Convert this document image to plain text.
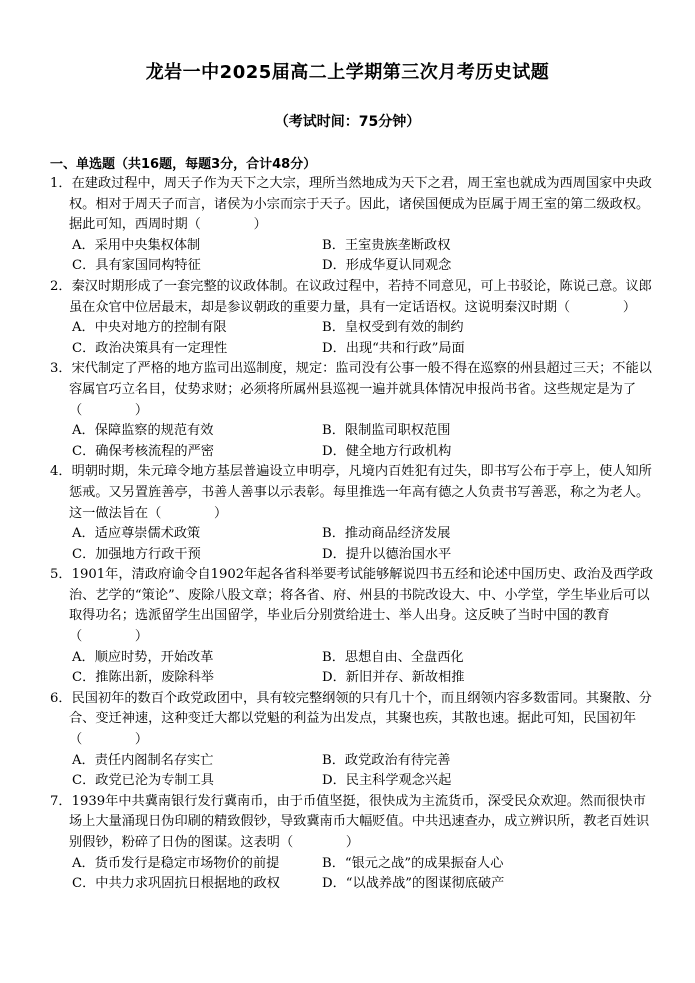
龙岩一中2025届高二上学期第三次月考历史试题
（考试时间：75分钟）
一、单选题（共16题，每题3分，合计48分）
1．在建政过程中，周天子作为天下之大宗，理所当然地成为天下之君，周王室也就成为西周国家中央政权。相对于周天子而言，诸侯为小宗而宗于天子。因此，诸侯国便成为臣属于周王室的第二级政权。据此可知，西周时期（　　　　）
A．采用中央集权体制	B．王室贵族垄断政权
C．具有家国同构特征	D．形成华夏认同观念
2．秦汉时期形成了一套完整的议政体制。在议政过程中，若持不同意见，可上书驳论，陈说己意。议郎虽在众官中位居最末，却是参议朝政的重要力量，具有一定话语权。这说明秦汉时期（　　　　）
A．中央对地方的控制有限	B．皇权受到有效的制约
C．政治决策具有一定理性	D．出现“共和行政”局面
3．宋代制定了严格的地方监司出巡制度，规定：监司没有公事一般不得在巡察的州县超过三天；不能以容属官巧立名目，仗势求财；必须将所属州县巡视一遍并就具体情况申报尚书省。这些规定是为了（　　　　）
A．保障监察的规范有效	B．限制监司职权范围
C．确保考核流程的严密	D．健全地方行政机构
4．明朝时期，朱元璋令地方基层普遍设立申明亭，凡境内百姓犯有过失，即书写公布于亭上，使人知所惩戒。又另置旌善亭，书善人善事以示表彰。每里推选一年高有德之人负责书写善恶，称之为老人。这一做法旨在（　　　　）
A．适应尊崇儒术政策	B．推动商品经济发展
C．加强地方行政干预	D．提升以德治国水平
5．1901年，清政府谕令自1902年起各省科举要考试能够解说四书五经和论述中国历史、政治及西学政治、艺学的“策论”、废除八股文章；将各省、府、州县的书院改设大、中、小学堂，学生毕业后可以取得功名；选派留学生出国留学，毕业后分别赏给进士、举人出身。这反映了当时中国的教育（　　　　）
A．顺应时势，开始改革	B．思想自由、全盘西化
C．推陈出新，废除科举	D．新旧并存、新故相推
6．民国初年的数百个政党政团中，具有较完整纲领的只有几十个，而且纲领内容多数雷同。其聚散、分合、变迁神速，这种变迁大都以党魁的利益为出发点，其聚也疾，其散也速。据此可知，民国初年（　　　　）
A．责任内阁制名存实亡	B．政党政治有待完善
C．政党已沦为专制工具	D．民主科学观念兴起
7．1939年中共冀南银行发行冀南币，由于币值坚挺，很快成为主流货币，深受民众欢迎。然而很快市场上大量涌现日伪印刷的精致假钞，导致冀南币大幅贬值。中共迅速查办，成立辨识所，教老百姓识别假钞，粉碎了日伪的图谋。这表明（　　　　）
A．货币发行是稳定市场物价的前提	B．“银元之战”的成果振奋人心
C．中共力求巩固抗日根据地的政权	D．“以战养战”的图谋彻底破产
